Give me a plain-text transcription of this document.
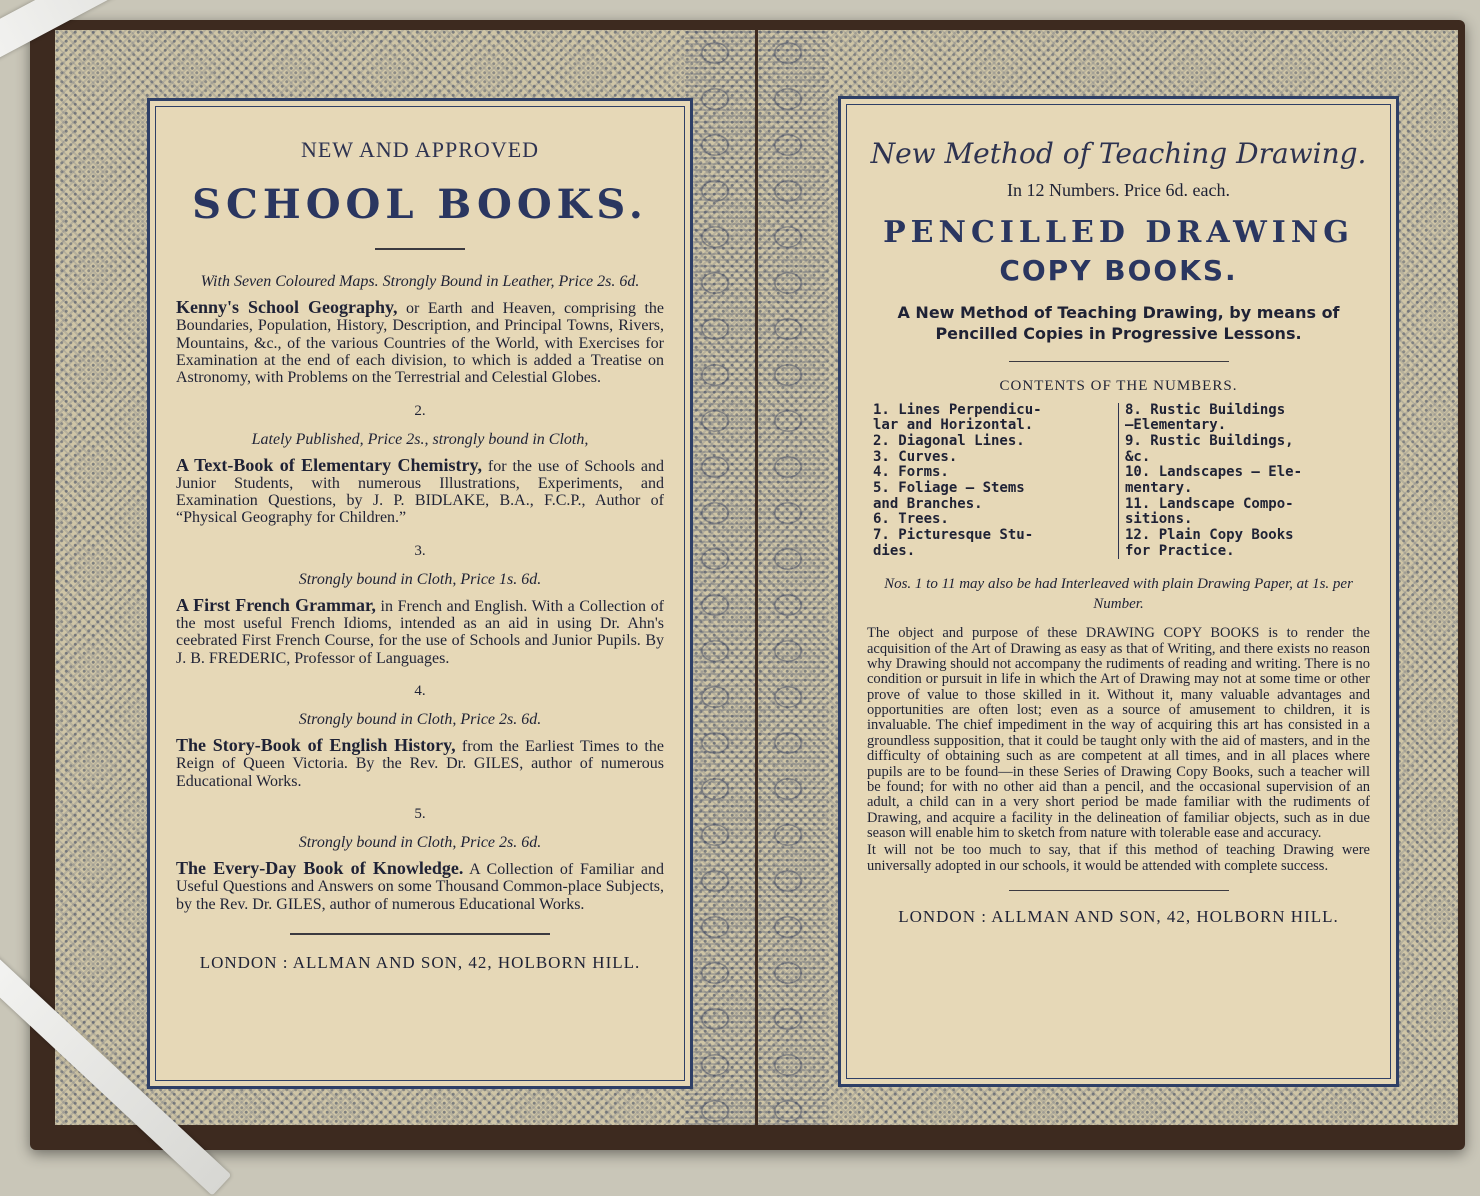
NEW AND APPROVED
SCHOOL BOOKS.
With Seven Coloured Maps. Strongly Bound in Leather, Price 2s. 6d.
Kenny's School Geography, or Earth and Heaven, comprising the Boundaries, Population, History, Description, and Principal Towns, Rivers, Mountains, &c., of the various Countries of the World, with Exercises for Examination at the end of each division, to which is added a Treatise on Astronomy, with Problems on the Terrestrial and Celestial Globes.
2.
Lately Published, Price 2s., strongly bound in Cloth,
A Text-Book of Elementary Chemistry, for the use of Schools and Junior Students, with numerous Illustrations, Experiments, and Examination Questions, by J. P. BIDLAKE, B.A., F.C.P., Author of “Physical Geography for Children.”
3.
Strongly bound in Cloth, Price 1s. 6d.
A First French Grammar, in French and English. With a Collection of the most useful French Idioms, intended as an aid in using Dr. Ahn's ceebrated First French Course, for the use of Schools and Junior Pupils. By J. B. FREDERIC, Professor of Languages.
4.
Strongly bound in Cloth, Price 2s. 6d.
The Story-Book of English History, from the Earliest Times to the Reign of Queen Victoria. By the Rev. Dr. GILES, author of numerous Educational Works.
5.
Strongly bound in Cloth, Price 2s. 6d.
The Every-Day Book of Knowledge. A Collection of Familiar and Useful Questions and Answers on some Thousand Common-place Subjects, by the Rev. Dr. GILES, author of numerous Educational Works.
LONDON : ALLMAN AND SON, 42, HOLBORN HILL.
New Method of Teaching Drawing.
In 12 Numbers. Price 6d. each.
PENCILLED DRAWING
COPY BOOKS.
A New Method of Teaching Drawing, by means of Pencilled Copies in Progressive Lessons.
CONTENTS OF THE NUMBERS.
1. Lines Perpendicu-
lar and Horizontal.
2. Diagonal Lines.
3. Curves.
4. Forms.
5. Foliage — Stems
and Branches.
6. Trees.
7. Picturesque Stu-
dies.
8. Rustic Buildings
—Elementary.
9. Rustic Buildings,
&c.
10. Landscapes — Ele-
mentary.
11. Landscape Compo-
sitions.
12. Plain Copy Books
for Practice.
Nos. 1 to 11 may also be had Interleaved with plain Drawing Paper, at 1s. per Number.
The object and purpose of these DRAWING COPY BOOKS is to render the acquisition of the Art of Drawing as easy as that of Writing, and there exists no reason why Drawing should not accompany the rudiments of reading and writing. There is no condition or pursuit in life in which the Art of Drawing may not at some time or other prove of value to those skilled in it. Without it, many valuable advantages and opportunities are often lost; even as a source of amusement to children, it is invaluable. The chief impediment in the way of acquiring this art has consisted in a groundless supposition, that it could be taught only with the aid of masters, and in the difficulty of obtaining such as are competent at all times, and in all places where pupils are to be found—in these Series of Drawing Copy Books, such a teacher will be found; for with no other aid than a pencil, and the occasional supervision of an adult, a child can in a very short period be made familiar with the rudiments of Drawing, and acquire a facility in the delineation of familiar objects, such as in due season will enable him to sketch from nature with tolerable ease and accuracy.
It will not be too much to say, that if this method of teaching Drawing were universally adopted in our schools, it would be attended with complete success.
LONDON : ALLMAN AND SON, 42, HOLBORN HILL.
